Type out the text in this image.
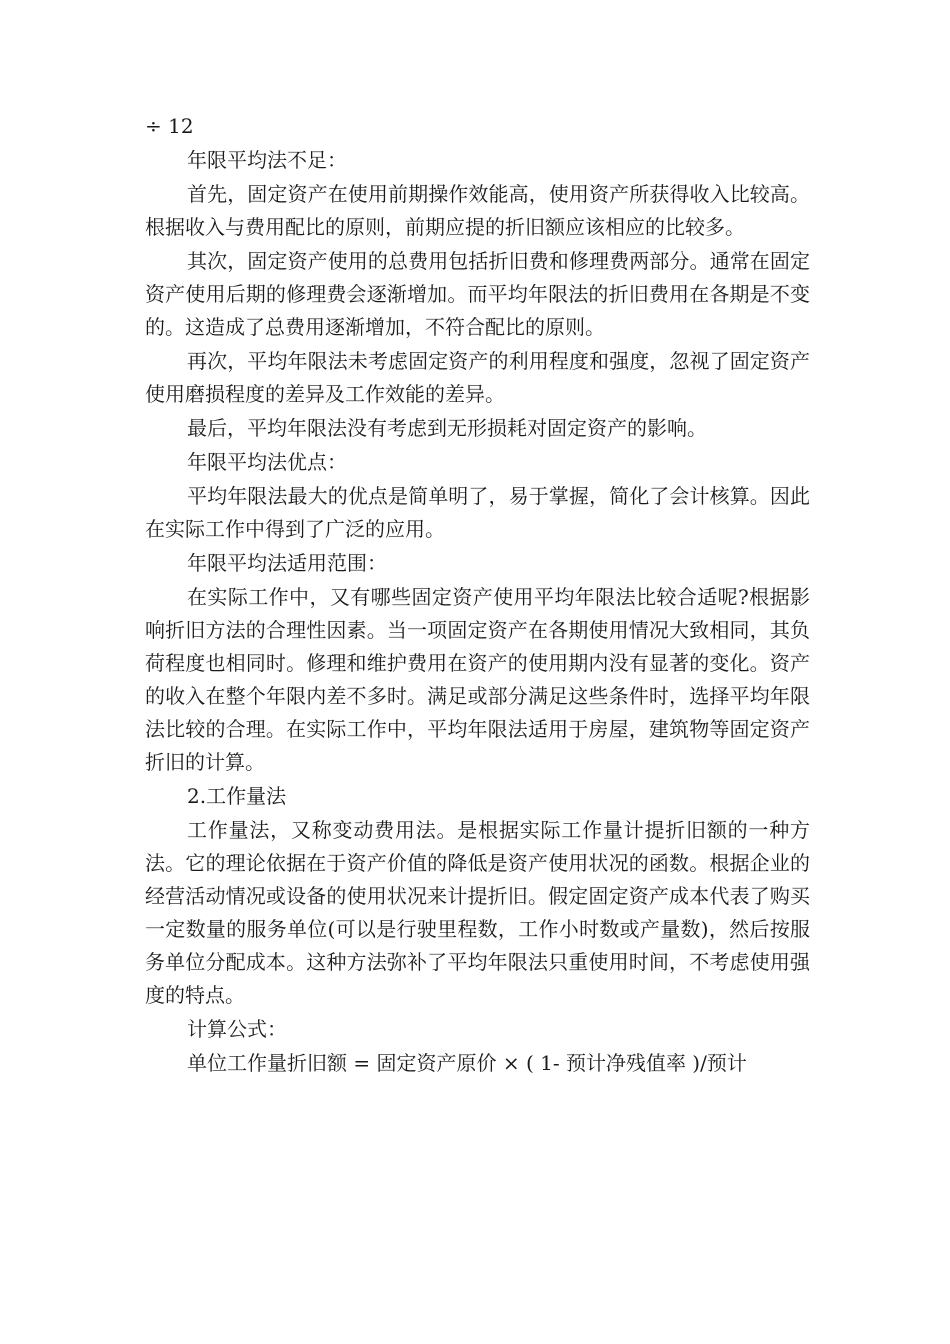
÷ 12

年限平均法不足：

首先，固定资产在使用前期操作效能高，使用资产所获得收入比较高。根据收入与费用配比的原则，前期应提的折旧额应该相应的比较多。

其次，固定资产使用的总费用包括折旧费和修理费两部分。通常在固定资产使用后期的修理费会逐渐增加。而平均年限法的折旧费用在各期是不变的。这造成了总费用逐渐增加，不符合配比的原则。

再次，平均年限法未考虑固定资产的利用程度和强度，忽视了固定资产使用磨损程度的差异及工作效能的差异。

最后，平均年限法没有考虑到无形损耗对固定资产的影响。

年限平均法优点：

平均年限法最大的优点是简单明了，易于掌握，简化了会计核算。因此在实际工作中得到了广泛的应用。

年限平均法适用范围：

在实际工作中，又有哪些固定资产使用平均年限法比较合适呢?根据影响折旧方法的合理性因素。当一项固定资产在各期使用情况大致相同，其负荷程度也相同时。修理和维护费用在资产的使用期内没有显著的变化。资产的收入在整个年限内差不多时。满足或部分满足这些条件时，选择平均年限法比较的合理。在实际工作中，平均年限法适用于房屋，建筑物等固定资产折旧的计算。

2.工作量法

工作量法，又称变动费用法。是根据实际工作量计提折旧额的一种方法。它的理论依据在于资产价值的降低是资产使用状况的函数。根据企业的经营活动情况或设备的使用状况来计提折旧。假定固定资产成本代表了购买一定数量的服务单位(可以是行驶里程数，工作小时数或产量数)，然后按服务单位分配成本。这种方法弥补了平均年限法只重使用时间，不考虑使用强度的特点。

计算公式：

单位工作量折旧额 = 固定资产原价 × ( 1- 预计净残值率 )/预计
